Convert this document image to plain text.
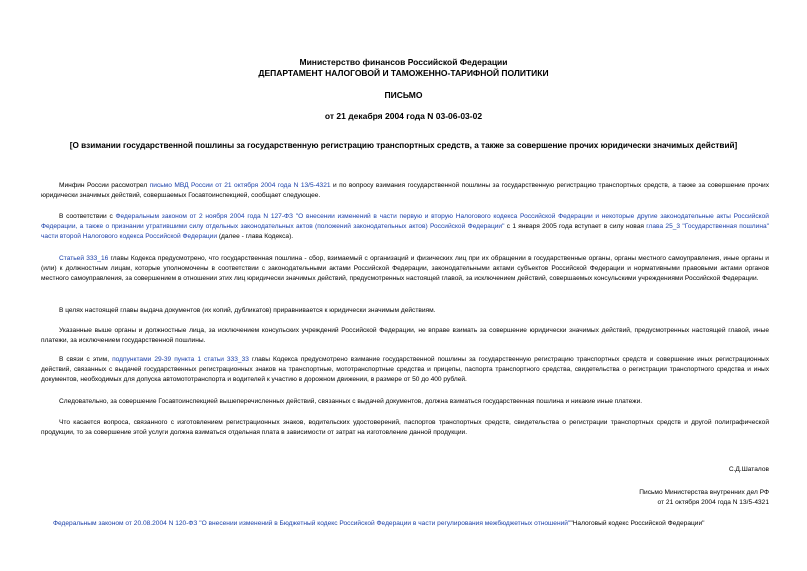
Министерство финансов Российской Федерации
ДЕПАРТАМЕНТ НАЛОГОВОЙ И ТАМОЖЕННО-ТАРИФНОЙ ПОЛИТИКИ
ПИСЬМО
от 21 декабря 2004 года N 03-06-03-02
[О взимании государственной пошлины за государственную регистрацию транспортных средств, а также за совершение прочих юридически значимых действий]
Минфин России рассмотрел письмо МВД России от 21 октября 2004 года N 13/5-4321 и по вопросу взимания государственной пошлины за государственную регистрацию транспортных средств, а также за совершение прочих юридически значимых действий, совершаемых Госавтоинспекцией, сообщает следующее.
В соответствии с Федеральным законом от 2 ноября 2004 года N 127-ФЗ "О внесении изменений в части первую и вторую Налогового кодекса Российской Федерации и некоторые другие законодательные акты Российской Федерации, а также о признании утратившими силу отдельных законодательных актов (положений законодательных актов) Российской Федерации" с 1 января 2005 года вступает в силу новая глава 25_3 "Государственная пошлина" части второй Налогового кодекса Российской Федерации (далее - глава Кодекса).
Статьей 333_16 главы Кодекса предусмотрено, что государственная пошлина - сбор, взимаемый с организаций и физических лиц при их обращении в государственные органы, органы местного самоуправления, иные органы и (или) к должностным лицам, которые уполномочены в соответствии с законодательными актами Российской Федерации, законодательными актами субъектов Российской Федерации и нормативными правовыми актами органов местного самоуправления, за совершением в отношении этих лиц юридически значимых действий, предусмотренных настоящей главой, за исключением действий, совершаемых консульскими учреждениями Российской Федерации.
В целях настоящей главы выдача документов (их копий, дубликатов) приравнивается к юридически значимым действиям.
Указанные выше органы и должностные лица, за исключением консульских учреждений Российской Федерации, не вправе взимать за совершение юридически значимых действий, предусмотренных настоящей главой, иные платежи, за исключением государственной пошлины.
В связи с этим, подпунктами 29-39 пункта 1 статьи 333_33 главы Кодекса предусмотрено взимание государственной пошлины за государственную регистрацию транспортных средств и совершение иных регистрационных действий, связанных с выдачей государственных регистрационных знаков на транспортные, мототранспортные средства и прицепы, паспорта транспортного средства, свидетельства о регистрации транспортного средства и иных документов, необходимых для допуска автомототранспорта и водителей к участию в дорожном движении, в размере от 50 до 400 рублей.
Следовательно, за совершение Госавтоинспекцией вышеперечисленных действий, связанных с выдачей документов, должна взиматься государственная пошлина и никакие иные платежи.
Что касается вопроса, связанного с изготовлением регистрационных знаков, водительских удостоверений, паспортов транспортных средств, свидетельства о регистрации транспортных средств и другой полиграфической продукции, то за совершение этой услуги должна взиматься отдельная плата в зависимости от затрат на изготовление данной продукции.
С.Д.Шаталов
Письмо Министерства внутренних дел РФ
от 21 октября 2004 года N 13/5-4321
Федеральным законом от 20.08.2004 N 120-ФЗ "О внесении изменений в Бюджетный кодекс Российской Федерации в части регулирования межбюджетных отношений""Налоговый кодекс Российской Федерации"
